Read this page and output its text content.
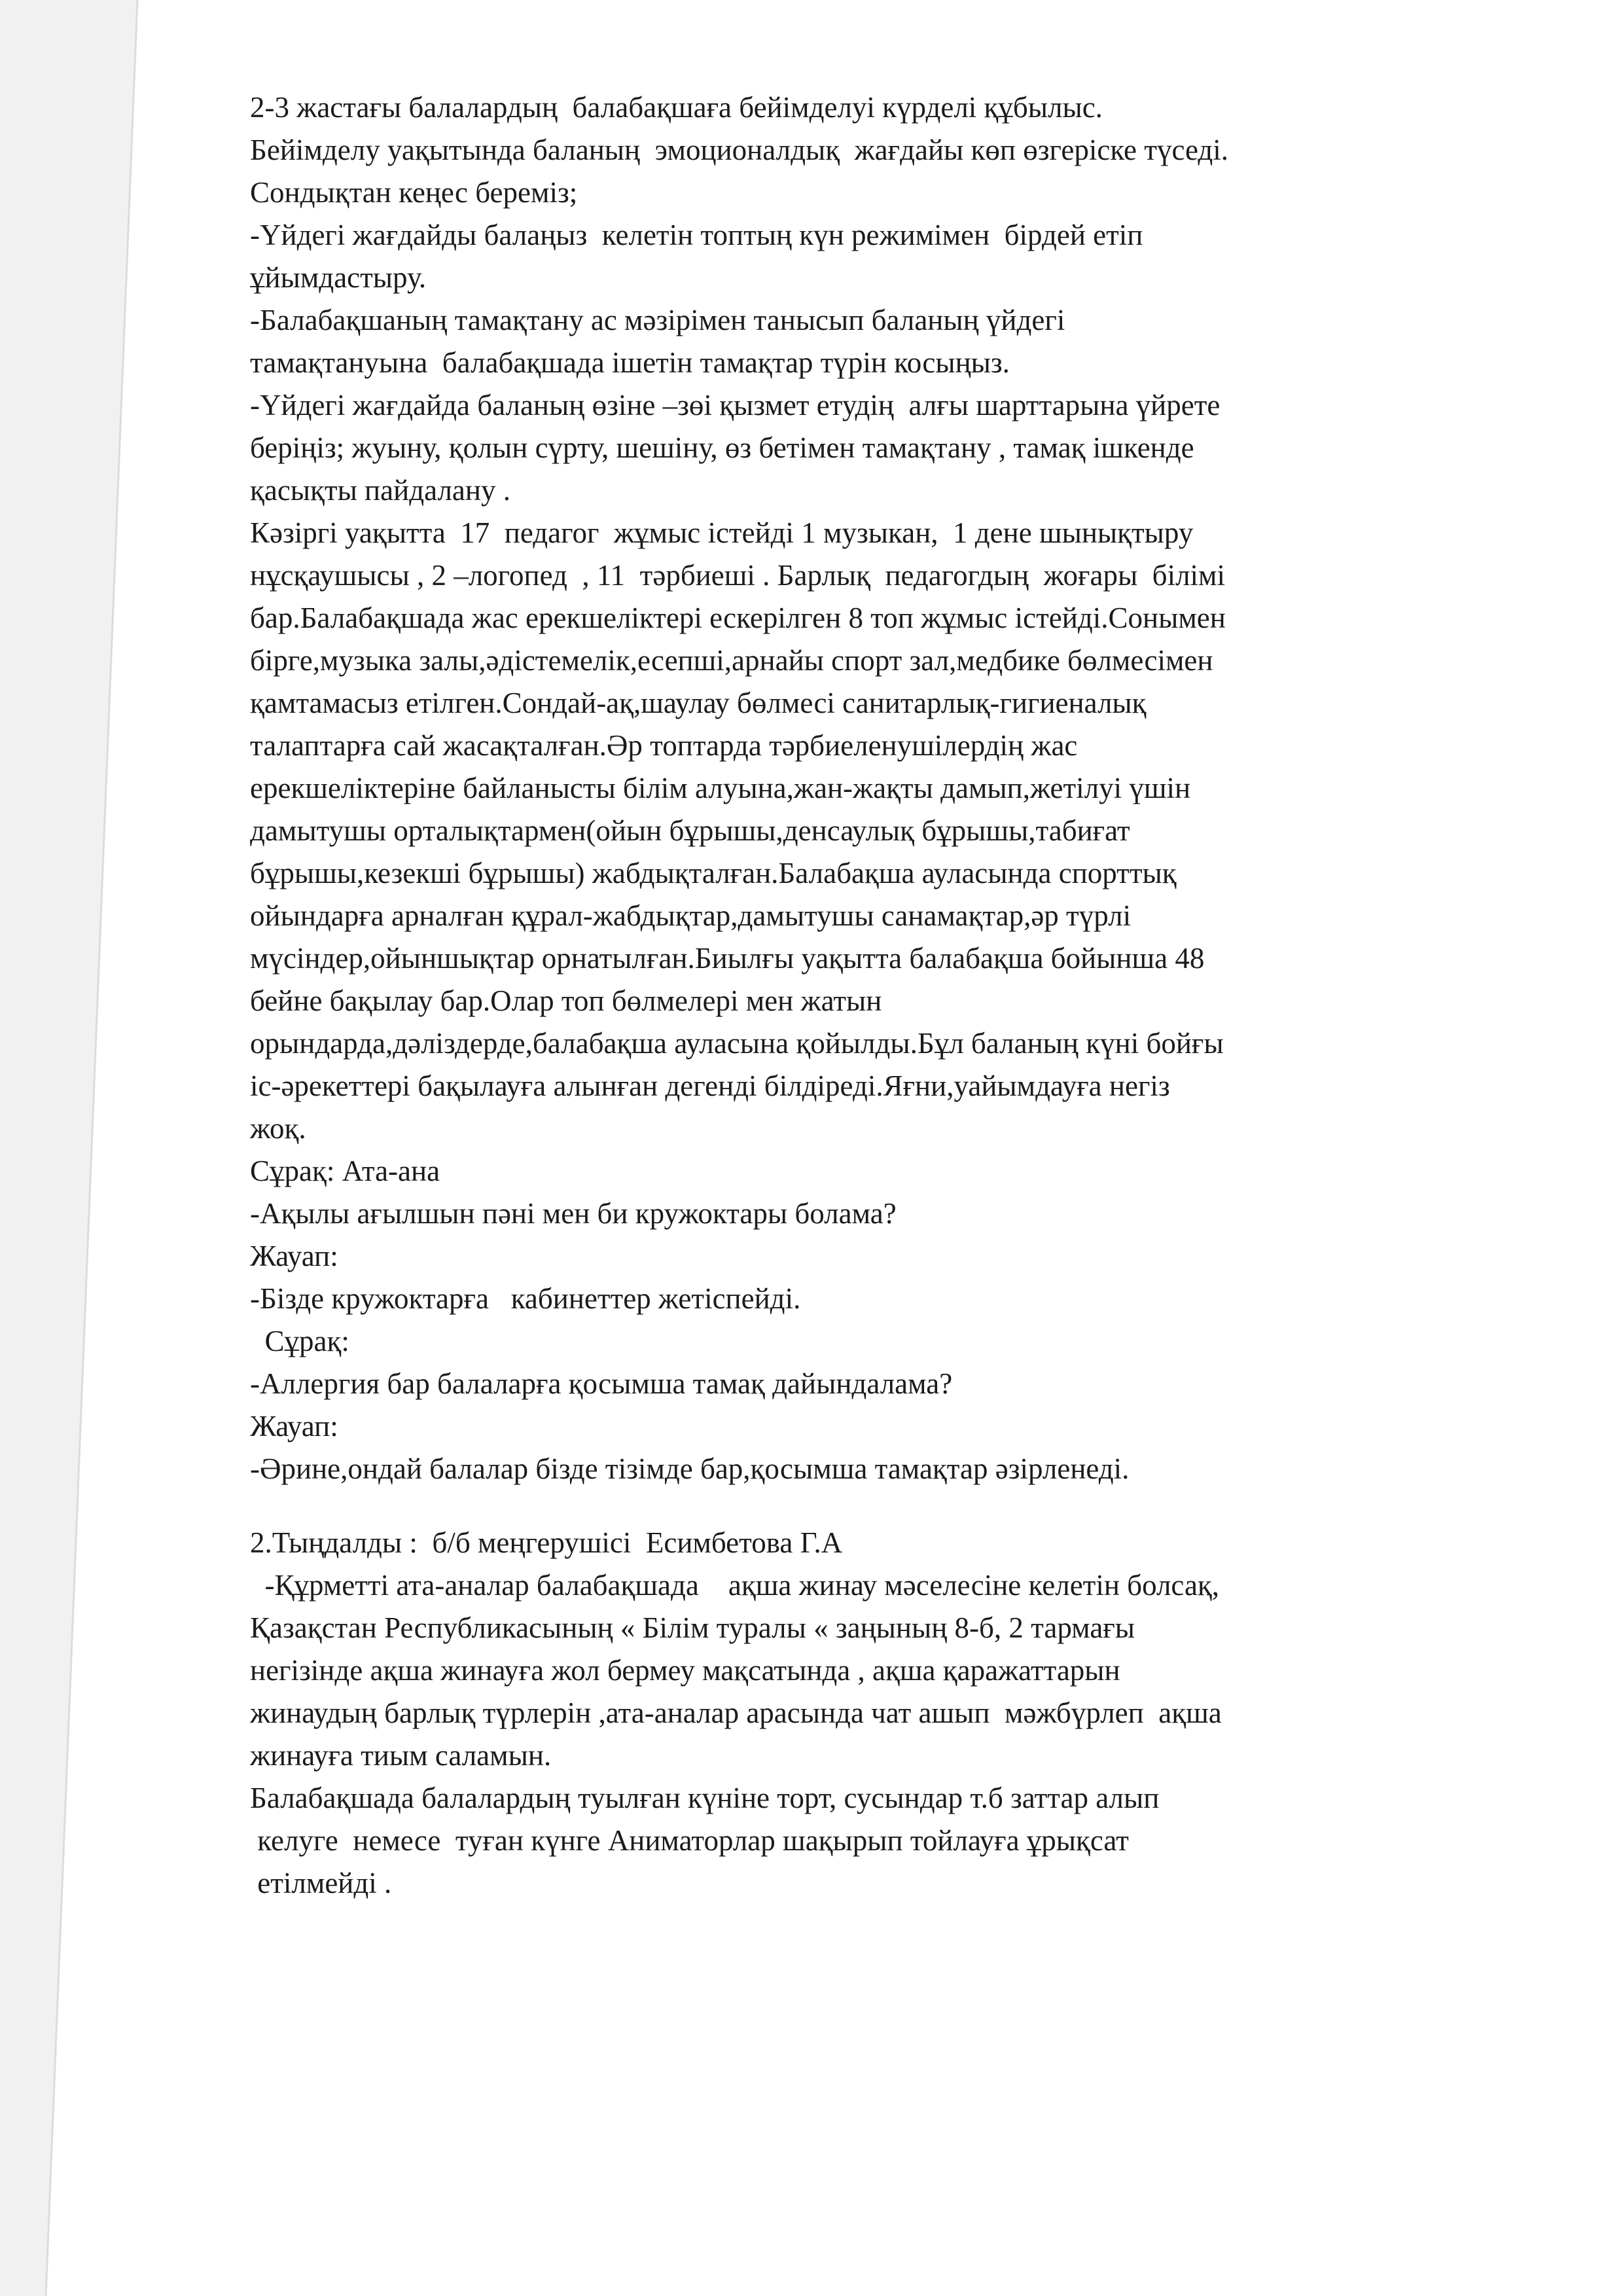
2-3 жастағы балалардың  балабақшаға бейімделуі күрделі құбылыс.
Бейімделу уақытында баланың  эмоционалдық  жағдайы көп өзгеріске түседі.
Сондықтан кеңес береміз;
-Үйдегі жағдайды балаңыз  келетін топтың күн режимімен  бірдей етіп
ұйымдастыру.
-Балабақшаның тамақтану ас мәзірімен танысып баланың үйдегі
тамақтануына  балабақшада ішетін тамақтар түрін косыңыз.
-Үйдегі жағдайда баланың өзіне –зөі қызмет етудің  алғы шарттарына үйрете
беріңіз; жуыну, қолын сүрту, шешіну, өз бетімен тамақтану , тамақ ішкенде
қасықты пайдалану .
Кәзіргі уақытта  17  педагог  жұмыс істейді 1 музыкан,  1 дене шынықтыру
нұсқаушысы , 2 –логопед  , 11  тәрбиеші . Барлық  педагогдың  жоғары  білімі
бар.Балабақшада жас ерекшеліктері ескерілген 8 топ жұмыс істейді.Сонымен
бірге,музыка залы,әдістемелік,есепші,арнайы спорт зал,медбике бөлмесімен
қамтамасыз етілген.Сондай-ақ,шаулау бөлмесі санитарлық-гигиеналық
талаптарға сай жасақталған.Әр топтарда тәрбиеленушілердің жас
ерекшеліктеріне байланысты білім алуына,жан-жақты дамып,жетілуі үшін
дамытушы орталықтармен(ойын бұрышы,денсаулық бұрышы,табиғат
бұрышы,кезекші бұрышы) жабдықталған.Балабақша ауласында спорттық
ойындарға арналған құрал-жабдықтар,дамытушы санамақтар,әр түрлі
мүсіндер,ойыншықтар орнатылған.Биылғы уақытта балабақша бойынша 48
бейне бақылау бар.Олар топ бөлмелері мен жатын
орындарда,дәліздерде,балабақша ауласына қойылды.Бұл баланың күні бойғы
іс-әрекеттері бақылауға алынған дегенді білдіреді.Яғни,уайымдауға негіз
жоқ.
Сұрақ: Ата-ана
-Ақылы ағылшын пәні мен би кружоктары болама?
Жауап:
-Бізде кружоктарға   кабинеттер жетіспейді.
Сұрақ:
-Аллергия бар балаларға қосымша тамақ дайындалама?
Жауап:
-Әрине,ондай балалар бізде тізімде бар,қосымша тамақтар әзірленеді.
2.Тыңдалды :  б/б меңгерушісі  Есимбетова Г.А
-Құрметті ата-аналар балабақшада    ақша жинау мәселесіне келетін болсақ,
Қазақстан Республикасының « Білім туралы « заңының 8-б, 2 тармағы
негізінде ақша жинауға жол бермеу мақсатында , ақша қаражаттарын
жинаудың барлық түрлерін ,ата-аналар арасында чат ашып  мәжбүрлеп  ақша
жинауға тиым саламын.
Балабақшада балалардың туылған күніне торт, сусындар т.б заттар алып
келуге  немесе  туған күнге Аниматорлар шақырып тойлауға ұрықсат
етілмейді .
